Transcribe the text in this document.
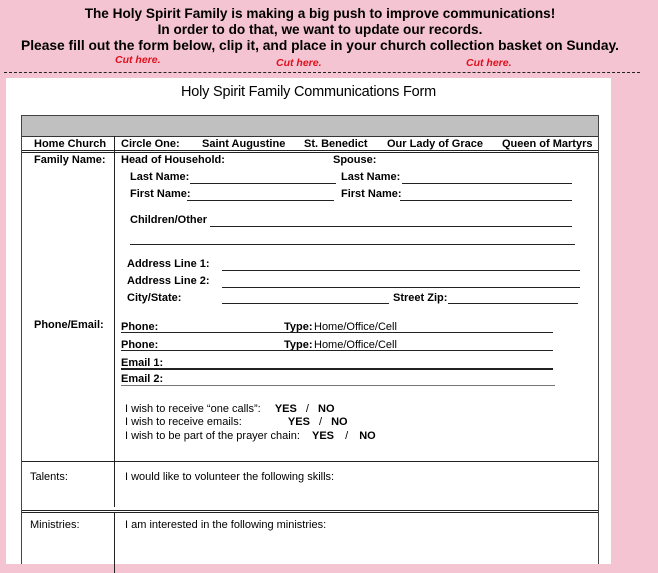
The Holy Spirit Family is making a big push to improve communications!
In order to do that, we want to update our records.
Please fill out the form below, clip it, and place in your church collection basket on Sunday.
Cut here.	Cut here.	Cut here.
Holy Spirit Family Communications Form
Home Church Circle One: Saint Augustine St. Benedict Our Lady of Grace Queen of Martyrs
Family Name: Head of Household:	Spouse:
Last Name:	Last Name:
First Name:	First Name:
Children/Other
Address Line 1:
Address Line 2:
City/State:	Street Zip:
Phone/Email: Phone:	Type: Home/Office/Cell
Phone:	Type: Home/Office/Cell
Email 1:
Email 2:
I wish to receive “one calls”: YES / NO
I wish to receive emails:	YES / NO
I wish to be part of the prayer chain: YES / NO
Talents:	I would like to volunteer the following skills:
Ministries:	I am interested in the following ministries:
